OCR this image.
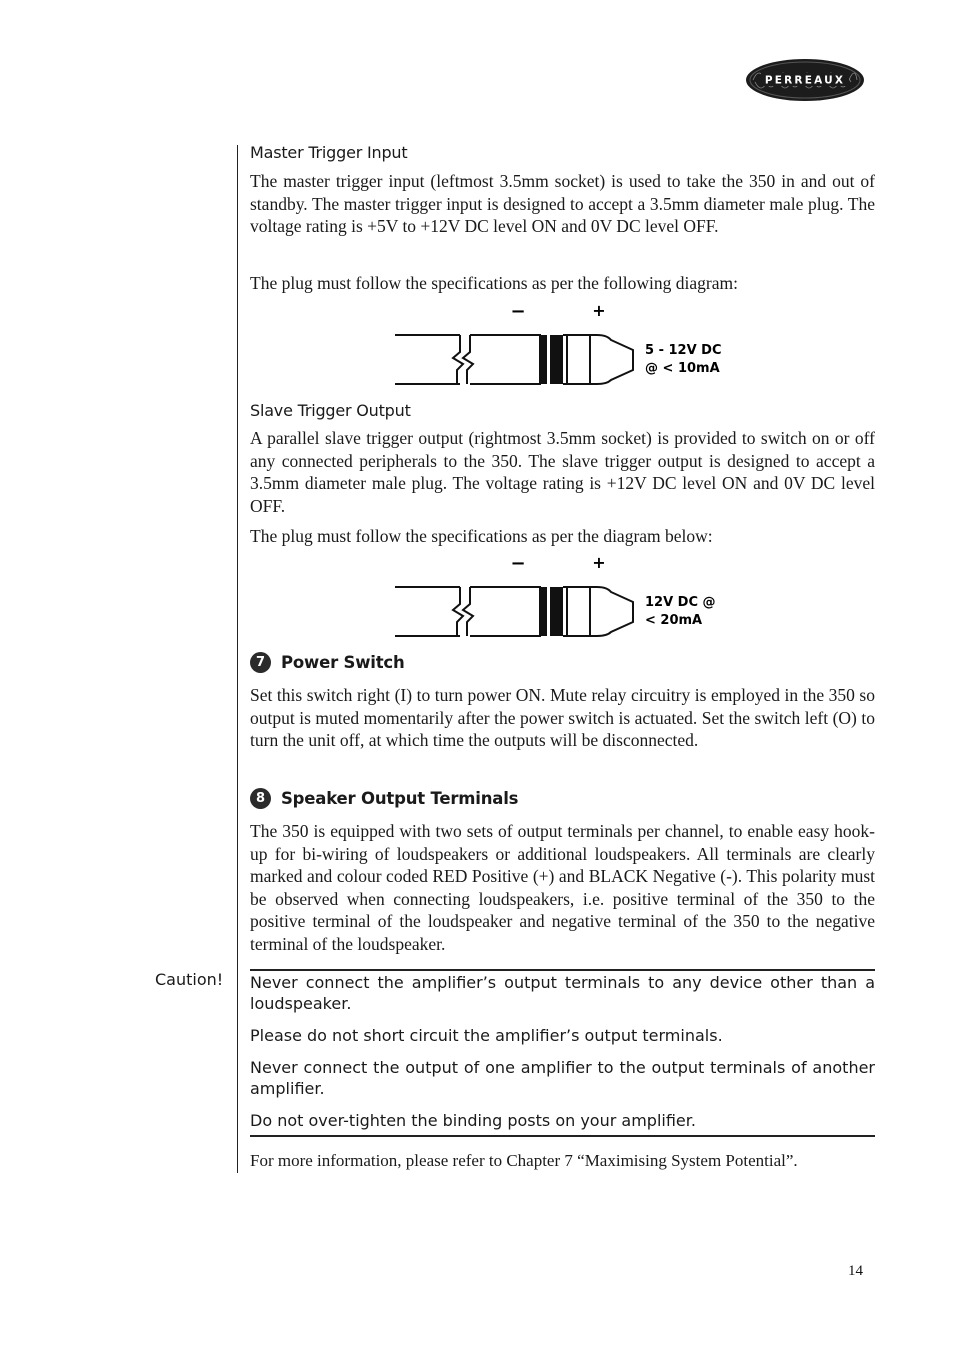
PERREAUX
Master Trigger Input

The master trigger input (leftmost 3.5mm socket) is used to take the 350 in and out of standby. The master trigger input is designed to accept a 3.5mm diameter male plug. The voltage rating is +5V to +12V DC level ON and 0V DC level OFF.

The plug must follow the specifications as per the following diagram:

−	+
5 - 12V DC
@ < 10mA
Slave Trigger Output

A parallel slave trigger output (rightmost 3.5mm socket) is provided to switch on or off any connected peripherals to the 350. The slave trigger output is designed to accept a 3.5mm diameter male plug. The voltage rating is +12V DC level ON and 0V DC level OFF.

The plug must follow the specifications as per the diagram below:

−	+
12V DC @
< 20mA
7 Power Switch

Set this switch right (I) to turn power ON. Mute relay circuitry is employed in the 350 so output is muted momentarily after the power switch is actuated. Set the switch left (O) to turn the unit off, at which time the outputs will be disconnected.

8 Speaker Output Terminals

The 350 is equipped with two sets of output terminals per channel, to enable easy hook-up for bi-wiring of loudspeakers or additional loudspeakers. All terminals are clearly marked and colour coded RED Positive (+) and BLACK Negative (-). This polarity must be observed when connecting loudspeakers, i.e. positive terminal of the 350 to the positive terminal of the loudspeaker and negative terminal of the 350 to the negative terminal of the loudspeaker.

Caution! Never connect the amplifier’s output terminals to any device other than a loudspeaker.

Please do not short circuit the amplifier’s output terminals.

Never connect the output of one amplifier to the output terminals of another amplifier.

Do not over-tighten the binding posts on your amplifier.

For more information, please refer to Chapter 7 “Maximising System Potential”.

14
